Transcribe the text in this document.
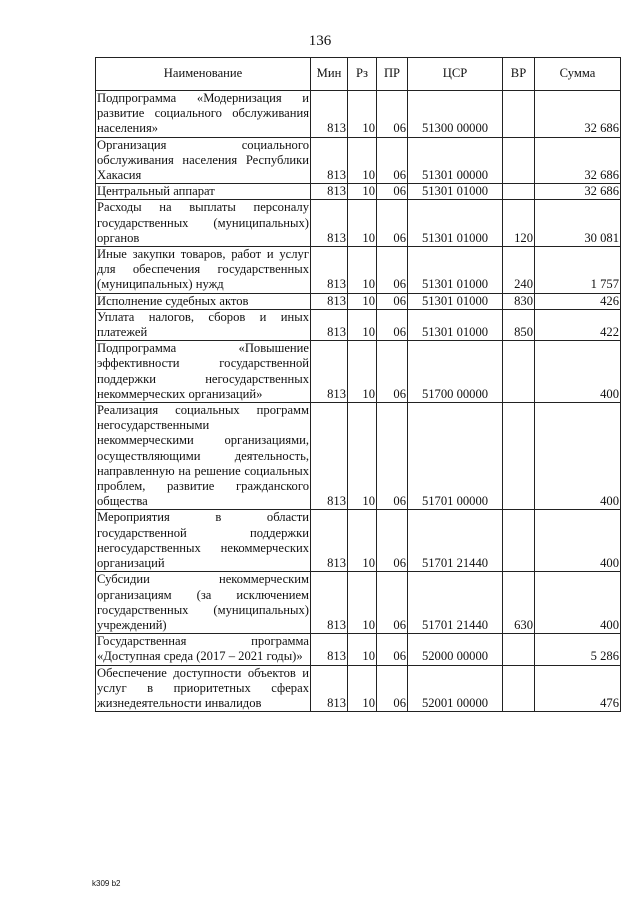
136
Наименование	Мин	Рз	ПР	ЦСР	ВР	Сумма
Подпрограмма «Модернизация и развитие социального обслуживания населения»	813	10	06	51300 00000		32 686
Организация социального обслуживания населения Республики Хакасия	813	10	06	51301 00000		32 686
Центральный аппарат	813	10	06	51301 01000		32 686
Расходы на выплаты персоналу государственных (муниципальных) органов	813	10	06	51301 01000	120	30 081
Иные закупки товаров, работ и услуг для обеспечения государственных (муниципальных) нужд	813	10	06	51301 01000	240	1 757
Исполнение судебных актов	813	10	06	51301 01000	830	426
Уплата налогов, сборов и иных платежей	813	10	06	51301 01000	850	422
Подпрограмма «Повышение эффективности государственной поддержки негосударственных некоммерческих организаций»	813	10	06	51700 00000		400
Реализация социальных программ негосударственными некоммерческими организациями, осуществляющими деятельность, направленную на решение социальных проблем, развитие гражданского общества	813	10	06	51701 00000		400
Мероприятия в области государственной поддержки негосударственных некоммерческих организаций	813	10	06	51701 21440		400
Субсидии некоммерческим организациям (за исключением государственных (муниципальных) учреждений)	813	10	06	51701 21440	630	400
Государственная программа «Доступная среда (2017 – 2021 годы)»	813	10	06	52000 00000		5 286
Обеспечение доступности объектов и услуг в приоритетных сферах жизнедеятельности инвалидов	813	10	06	52001 00000		476
k309 b2
